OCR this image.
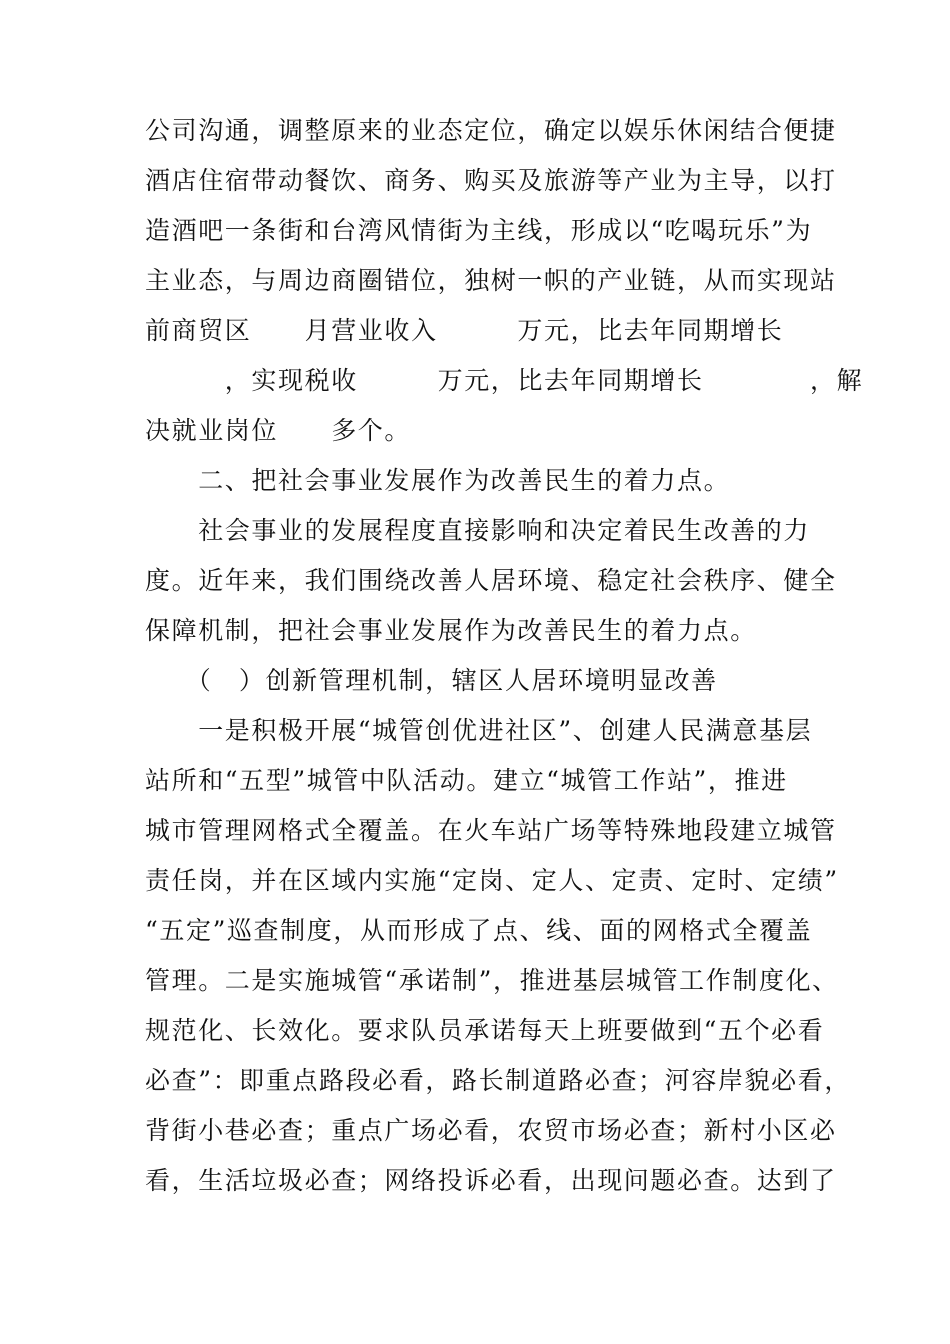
公司沟通，调整原来的业态定位，确定以娱乐休闲结合便捷
酒店住宿带动餐饮、商务、购买及旅游等产业为主导，以打
造酒吧一条街和台湾风情街为主线，形成以“吃喝玩乐”为
主业态，与周边商圈错位，独树一帜的产业链，从而实现站
前商贸区　　月营业收入　　　万元，比去年同期增长
　　　，实现税收　　　万元，比去年同期增长　　　　，解
决就业岗位　　多个。
　　二、把社会事业发展作为改善民生的着力点。
　　社会事业的发展程度直接影响和决定着民生改善的力
度。近年来，我们围绕改善人居环境、稳定社会秩序、健全
保障机制，把社会事业发展作为改善民生的着力点。
　　（　）创新管理机制，辖区人居环境明显改善
　　一是积极开展“城管创优进社区”、创建人民满意基层
站所和“五型”城管中队活动。建立“城管工作站”，推进
城市管理网格式全覆盖。在火车站广场等特殊地段建立城管
责任岗，并在区域内实施“定岗、定人、定责、定时、定绩”
“五定”巡查制度，从而形成了点、线、面的网格式全覆盖
管理。二是实施城管“承诺制”，推进基层城管工作制度化、
规范化、长效化。要求队员承诺每天上班要做到“五个必看
必查”：即重点路段必看，路长制道路必查；河容岸貌必看，
背街小巷必查；重点广场必看，农贸市场必查；新村小区必
看，生活垃圾必查；网络投诉必看，出现问题必查。达到了
